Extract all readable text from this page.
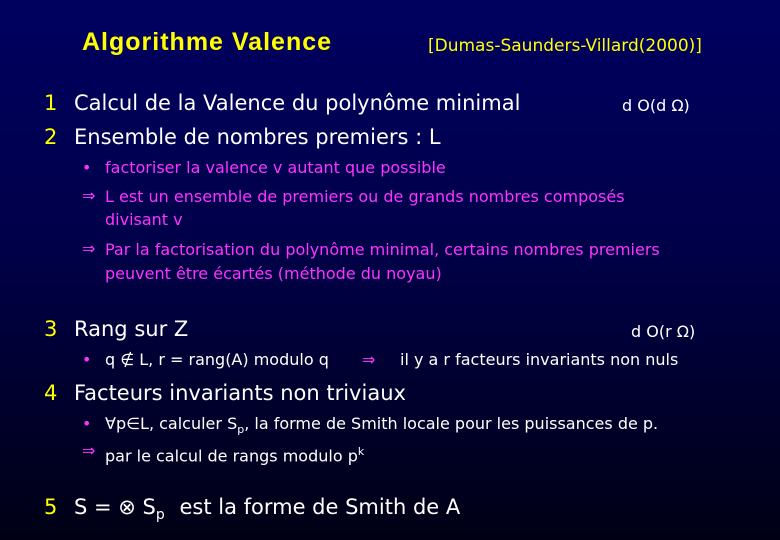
Algorithme Valence	[Dumas-Saunders-Villard(2000)]
1 Calcul de la Valence du polynôme minimal	d O(d Ω)
2 Ensemble de nombres premiers : L
• factoriser la valence v autant que possible
⇒ L est un ensemble de premiers ou de grands nombres composés
divisant v
⇒ Par la factorisation du polynôme minimal, certains nombres premiers
peuvent être écartés (méthode du noyau)
3 Rang sur Z	d O(r Ω)
• q ∉ L, r = rang(A) modulo q ⇒ il y a r facteurs invariants non nuls
4 Facteurs invariants non triviaux
• ∀p∈L, calculer $S_p$, la forme de Smith locale pour les puissances de p.
⇒ par le calcul de rangs modulo $p^k$
5 S = ⊗ $S_p$ est la forme de Smith de A
